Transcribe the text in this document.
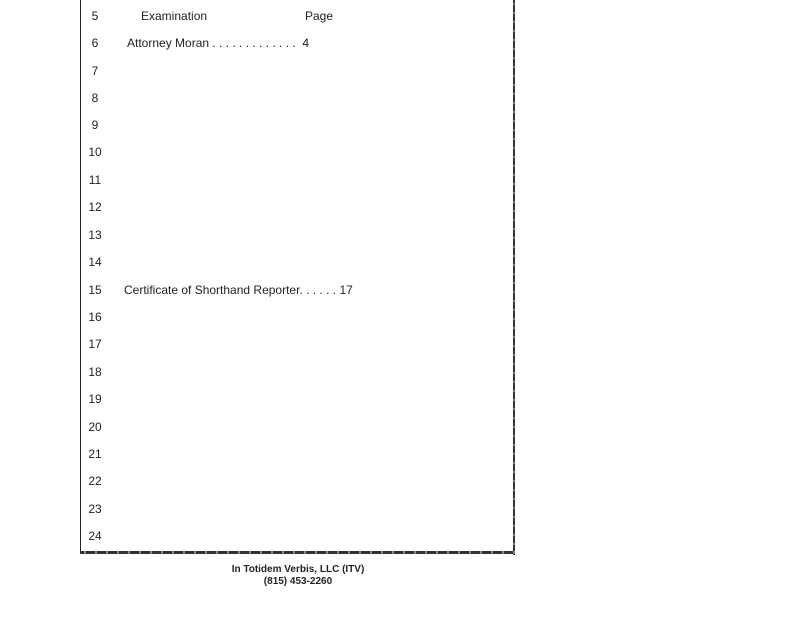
5
6
7
8
9
10
11
12
13
14
15
16
17
18
19
20
21
22
23
24
Examination	Page
Attorney Moran . . . . . . . . . . . . .  4
Certificate of Shorthand Reporter. . . . . . 17
In Totidem Verbis, LLC (ITV)
(815) 453-2260
